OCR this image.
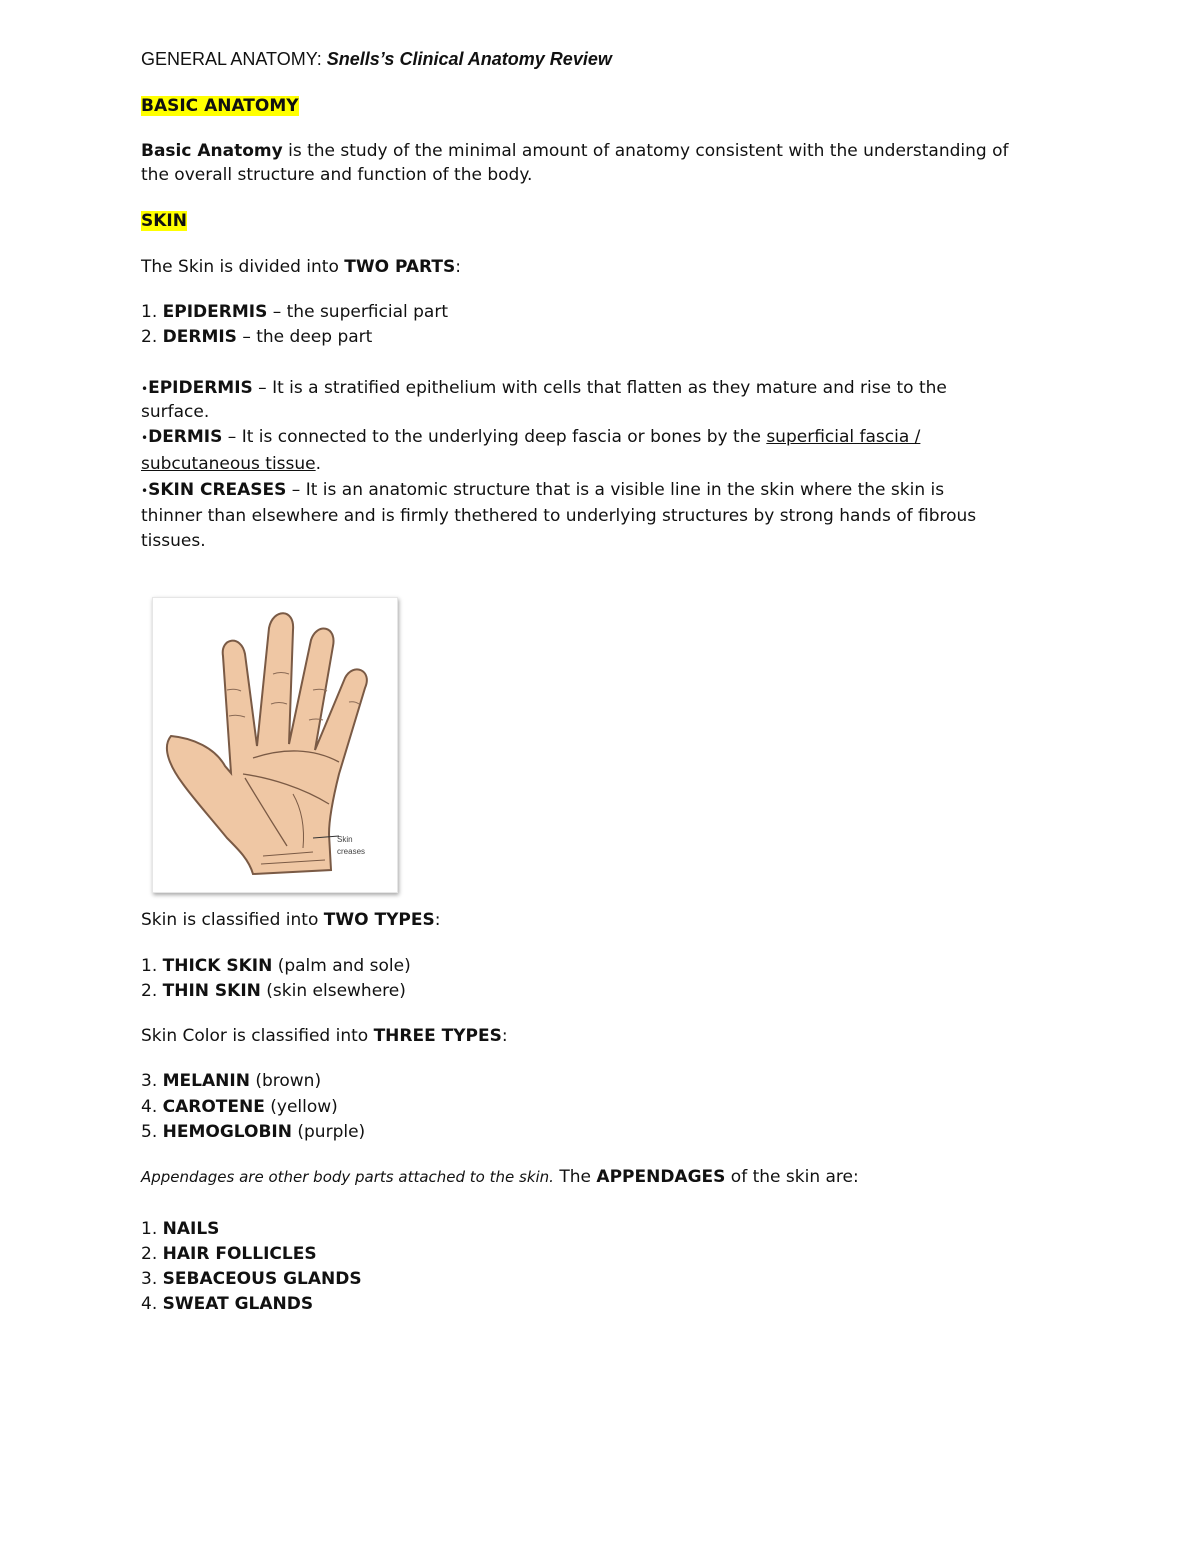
GENERAL ANATOMY: Snells’s Clinical Anatomy Review
BASIC ANATOMY
Basic Anatomy is the study of the minimal amount of anatomy consistent with the understanding of
the overall structure and function of the body.
SKIN
The Skin is divided into TWO PARTS:
1. EPIDERMIS – the superficial part
2. DERMIS – the deep part
•EPIDERMIS – It is a stratified epithelium with cells that flatten as they mature and rise to the
surface.
•DERMIS – It is connected to the underlying deep fascia or bones by the superficial fascia /
subcutaneous tissue.
•SKIN CREASES – It is an anatomic structure that is a visible line in the skin where the skin is
thinner than elsewhere and is firmly thethered to underlying structures by strong hands of fibrous
tissues.
Skin
creases
Skin is classified into TWO TYPES:
1. THICK SKIN (palm and sole)
2. THIN SKIN (skin elsewhere)
Skin Color is classified into THREE TYPES:
3. MELANIN (brown)
4. CAROTENE (yellow)
5. HEMOGLOBIN (purple)
Appendages are other body parts attached to the skin. The APPENDAGES of the skin are:
1. NAILS
2. HAIR FOLLICLES
3. SEBACEOUS GLANDS
4. SWEAT GLANDS
